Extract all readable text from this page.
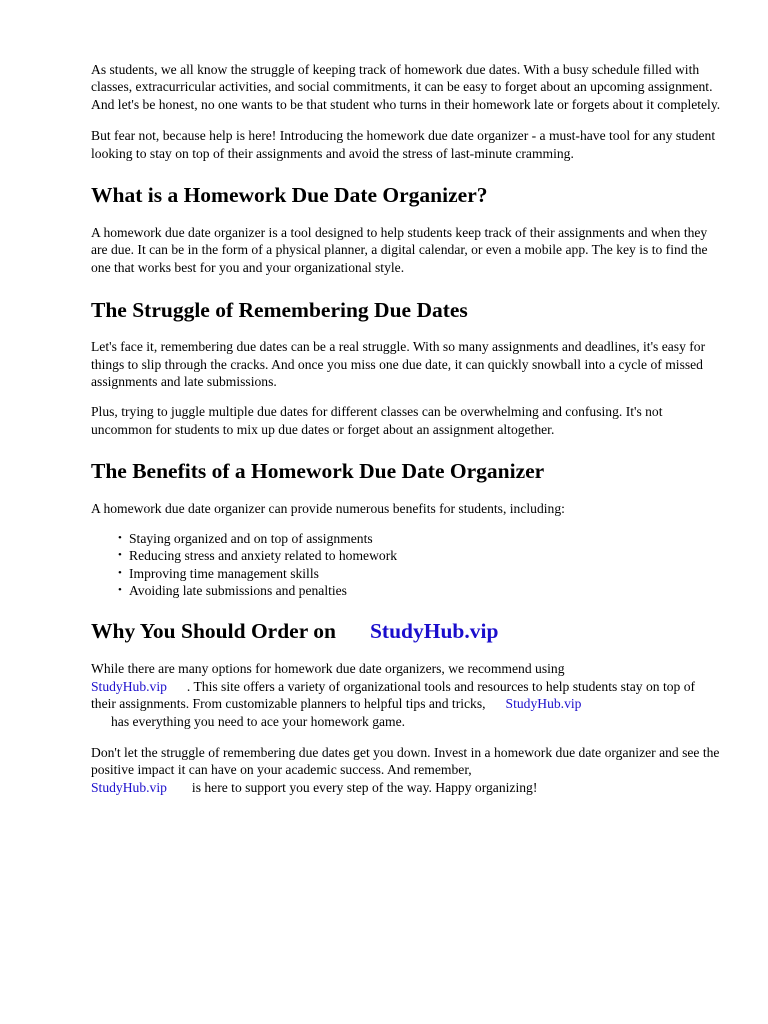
As students, we all know the struggle of keeping track of homework due dates. With a busy schedule filled with classes, extracurricular activities, and social commitments, it can be easy to forget about an upcoming assignment. And let's be honest, no one wants to be that student who turns in their homework late or forgets about it completely.

But fear not, because help is here! Introducing the homework due date organizer - a must-have tool for any student looking to stay on top of their assignments and avoid the stress of last-minute cramming.

What is a Homework Due Date Organizer?

A homework due date organizer is a tool designed to help students keep track of their assignments and when they are due. It can be in the form of a physical planner, a digital calendar, or even a mobile app. The key is to find the one that works best for you and your organizational style.

The Struggle of Remembering Due Dates

Let's face it, remembering due dates can be a real struggle. With so many assignments and deadlines, it's easy for things to slip through the cracks. And once you miss one due date, it can quickly snowball into a cycle of missed assignments and late submissions.

Plus, trying to juggle multiple due dates for different classes can be overwhelming and confusing. It's not uncommon for students to mix up due dates or forget about an assignment altogether.

The Benefits of a Homework Due Date Organizer

A homework due date organizer can provide numerous benefits for students, including:

• Staying organized and on top of assignments
• Reducing stress and anxiety related to homework
• Improving time management skills
• Avoiding late submissions and penalties
Why You Should Order on StudyHub.vip

While there are many options for homework due date organizers, we recommend using
StudyHub.vip . This site offers a variety of organizational tools and resources to help students stay on top of their assignments. From customizable planners to helpful tips and tricks, StudyHub.vip
has everything you need to ace your homework game.

Don't let the struggle of remembering due dates get you down. Invest in a homework due date organizer and see the positive impact it can have on your academic success. And remember,
StudyHub.vip is here to support you every step of the way. Happy organizing!
